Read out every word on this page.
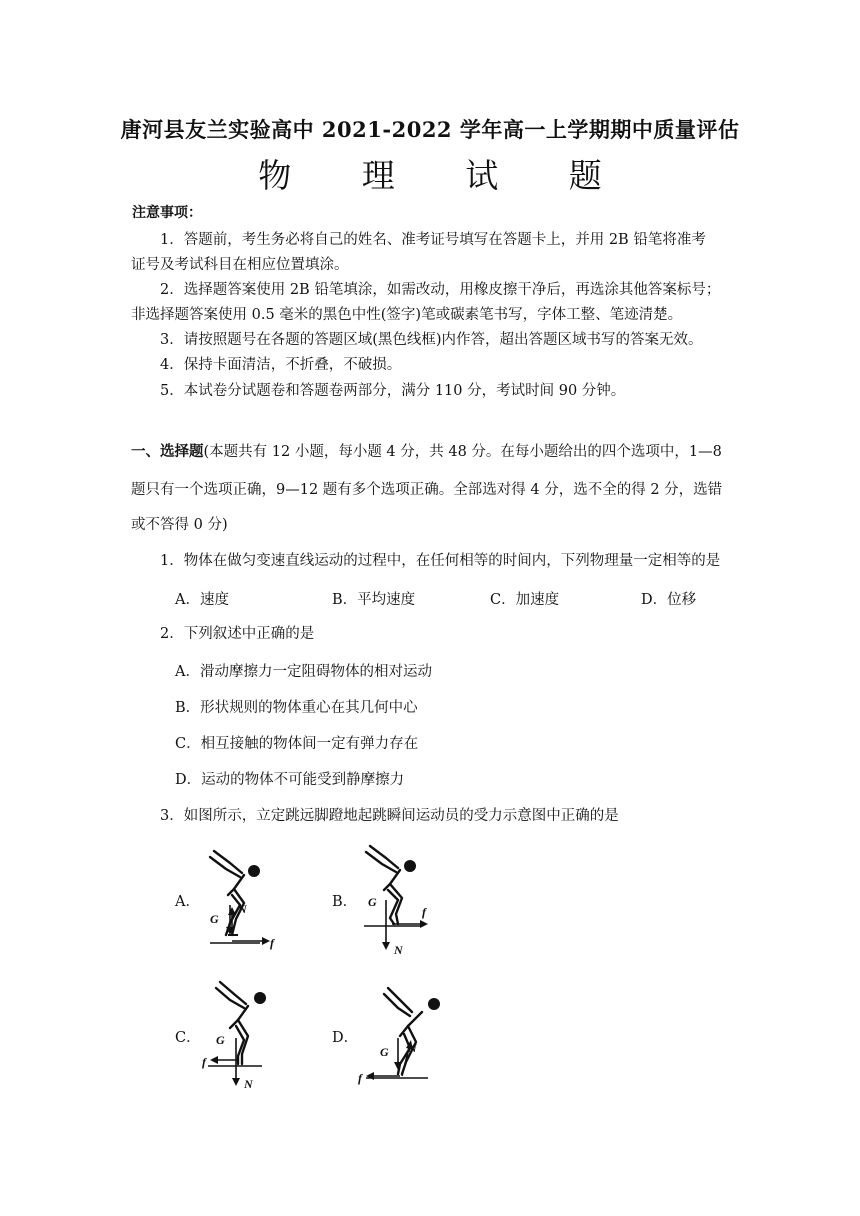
唐河县友兰实验高中 2021-2022 学年高一上学期期中质量评估
物 理 试 题
注意事项：
1．答题前，考生务必将自己的姓名、准考证号填写在答题卡上，并用 2B 铅笔将准考
证号及考试科目在相应位置填涂。
2．选择题答案使用 2B 铅笔填涂，如需改动，用橡皮擦干净后，再选涂其他答案标号；
非选择题答案使用 0.5 毫米的黑色中性(签字)笔或碳素笔书写，字体工整、笔迹清楚。
3．请按照题号在各题的答题区域(黑色线框)内作答，超出答题区域书写的答案无效。
4．保持卡面清洁，不折叠，不破损。
5．本试卷分试题卷和答题卷两部分，满分 110 分，考试时间 90 分钟。
一、选择题(本题共有 12 小题，每小题 4 分，共 48 分。在每小题给出的四个选项中，1—8
题只有一个选项正确，9—12 题有多个选项正确。全部选对得 4 分，选不全的得 2 分，选错
或不答得 0 分)
1．物体在做匀变速直线运动的过程中，在任何相等的时间内，下列物理量一定相等的是
A．速度	B．平均速度	C．加速度	D．位移
2．下列叙述中正确的是
A．滑动摩擦力一定阻碍物体的相对运动
B．形状规则的物体重心在其几何中心
C．相互接触的物体间一定有弹力存在
D．运动的物体不可能受到静摩擦力
3．如图所示，立定跳远脚蹬地起跳瞬间运动员的受力示意图中正确的是
A．	B．
C．	D．
G
N
f
G
f
N
G
f
N
G N
f
